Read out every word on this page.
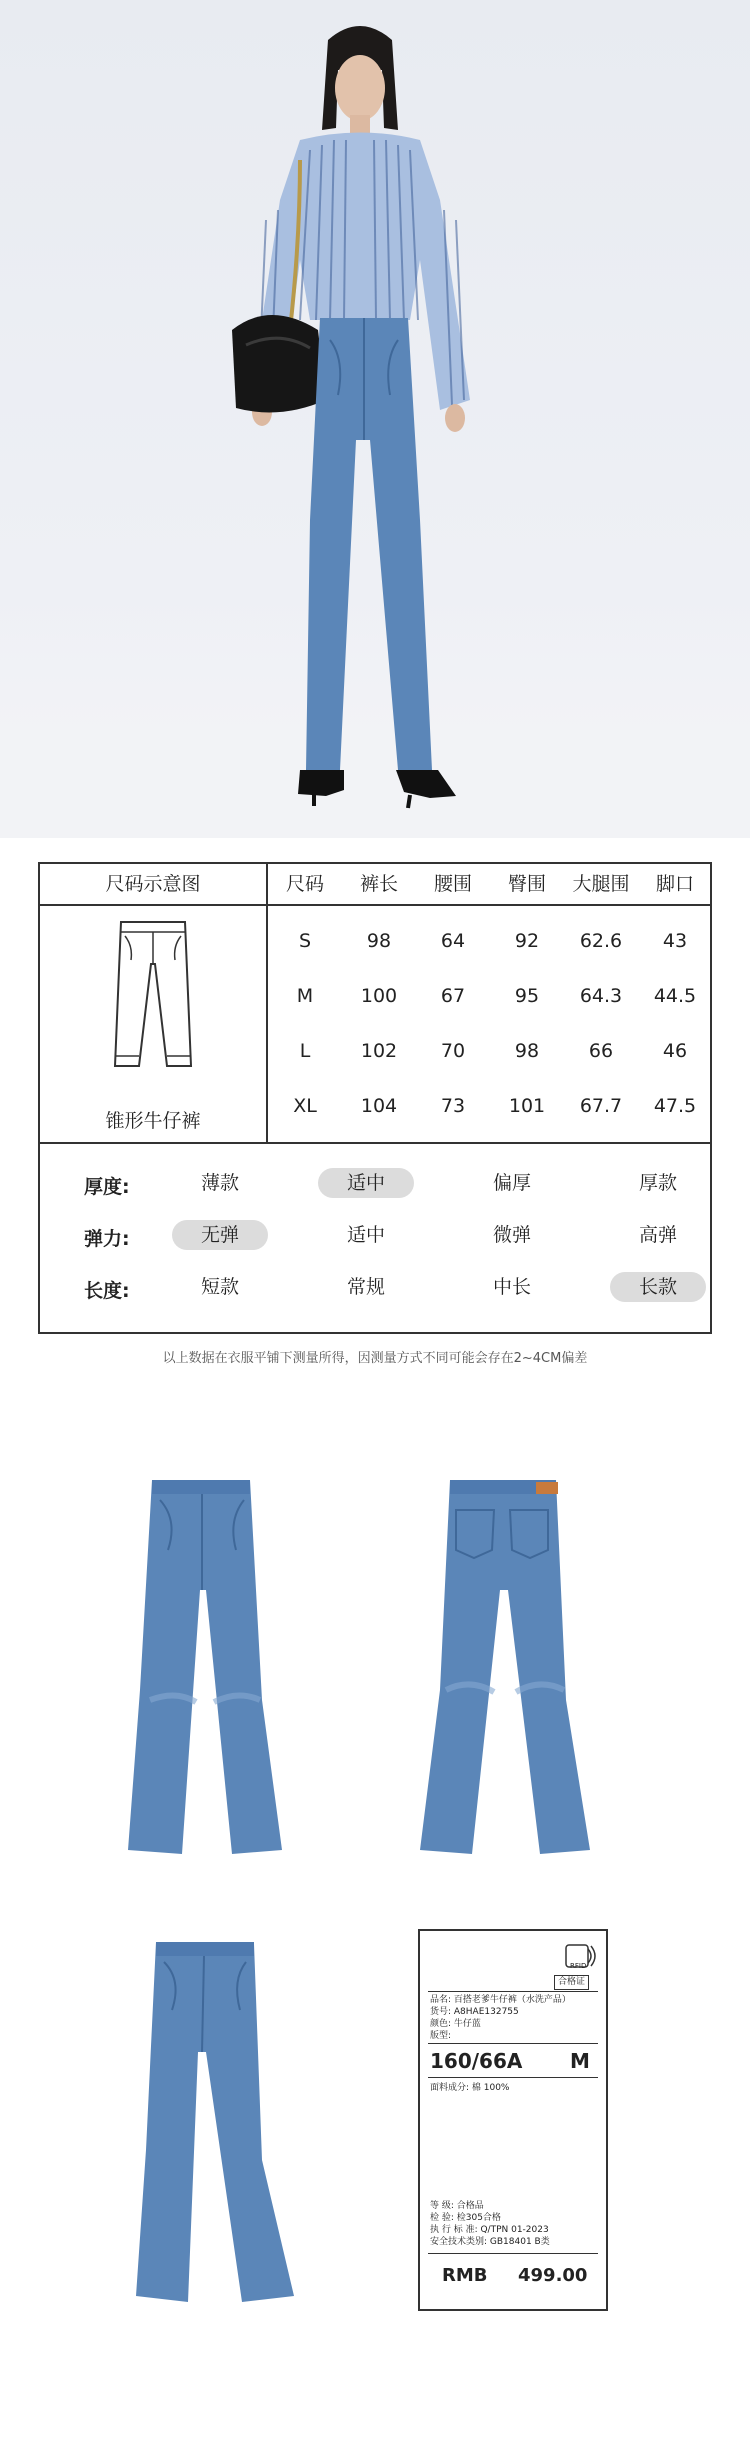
尺码示意图
锥形牛仔裤
尺码	裤长	腰围	臀围	大腿围	脚口
S	98	64	92	62.6	43
M	100	67	95	64.3	44.5
L	102	70	98	66	46
XL	104	73	101	67.7	47.5
厚度:	薄款	适中	偏厚	厚款
弹力:	无弹	适中	微弹	高弹
长度:	短款	常规	中长	长款
以上数据在衣服平铺下测量所得，因测量方式不同可能会存在2~4CM偏差
RFID
合格证
品名: 百搭老爹牛仔裤（水洗产品）
货号: A8HAE132755
颜色: 牛仔蓝
版型:
160/66A M
面料成分: 棉 100%
等 级: 合格品
检 验: 检305合格
执 行 标 准: Q/TPN 01-2023
安全技术类别: GB18401 B类
RMB 499.00
